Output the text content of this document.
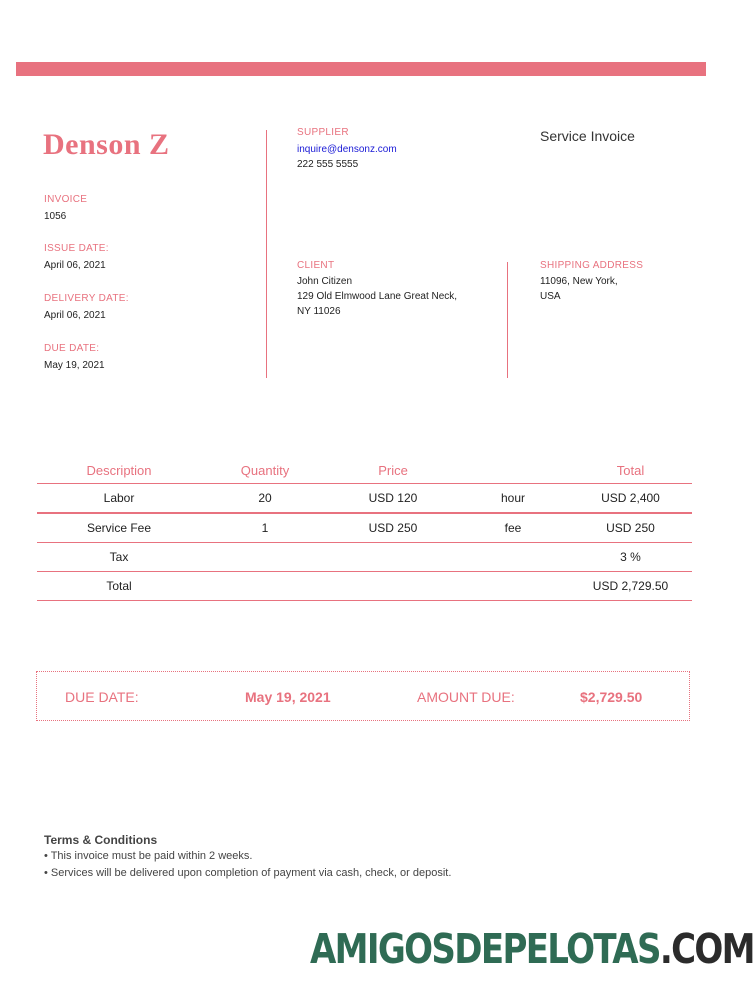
Denson Z	Service Invoice
INVOICE
1056
ISSUE DATE:
April 06, 2021
DELIVERY DATE:
April 06, 2021
DUE DATE:
May 19, 2021
SUPPLIER
inquire@densonz.com
222 555 5555
CLIENT
John Citizen
129 Old Elmwood Lane Great Neck,
NY 11026
SHIPPING ADDRESS
11096, New York,
USA
Description	Quantity	Price		Total
Labor	20	USD 120	hour	USD 2,400
Service Fee	1	USD 250	fee	USD 250
Tax				3 %
Total				USD 2,729.50
DUE DATE:	May 19, 2021	AMOUNT DUE:	$2,729.50
Terms & Conditions
• This invoice must be paid within 2 weeks.
• Services will be delivered upon completion of payment via cash, check, or deposit.
AMIGOSDEPELOTAS.COM
